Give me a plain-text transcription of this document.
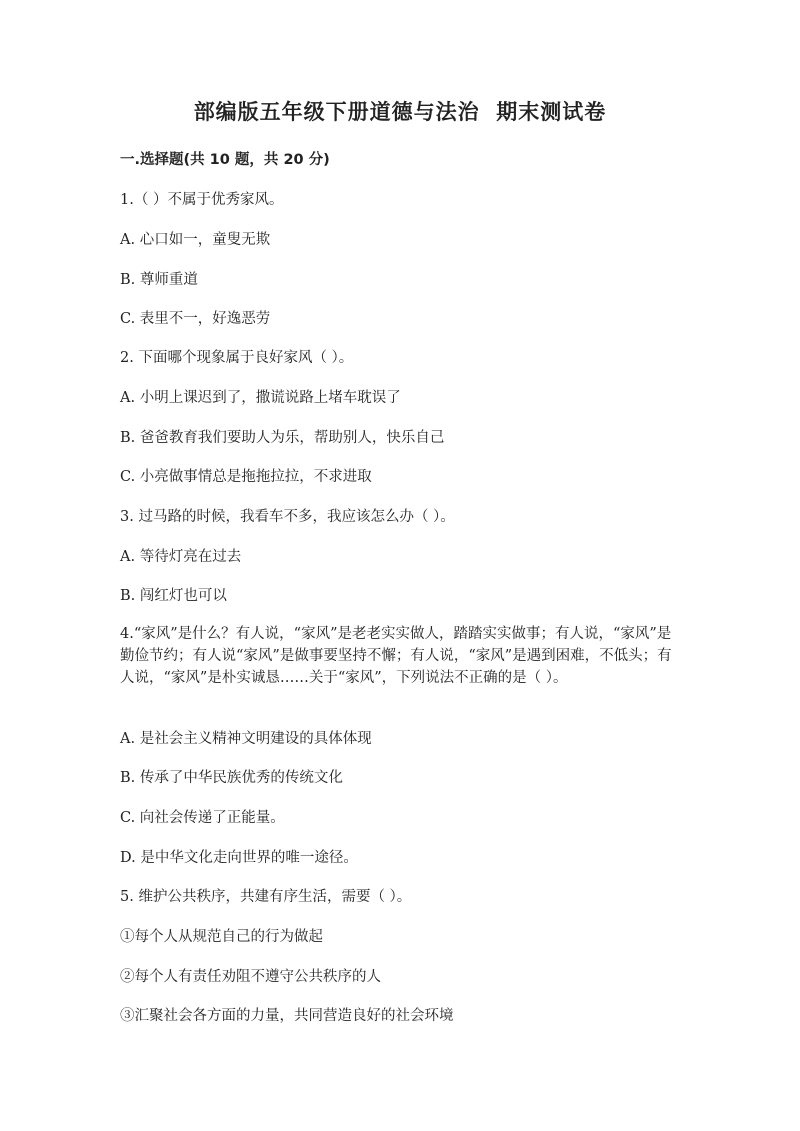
部编版五年级下册道德与法治  期末测试卷
一.选择题(共 10 题，共 20 分)
1.（ ）不属于优秀家风。
A. 心口如一，童叟无欺
B. 尊师重道
C. 表里不一，好逸恶劳
2. 下面哪个现象属于良好家风（ ）。
A. 小明上课迟到了，撒谎说路上堵车耽误了
B. 爸爸教育我们要助人为乐，帮助别人，快乐自己
C. 小亮做事情总是拖拖拉拉，不求进取
3. 过马路的时候，我看车不多，我应该怎么办（ ）。
A. 等待灯亮在过去
B. 闯红灯也可以
4.“家风”是什么？有人说，“家风”是老老实实做人，踏踏实实做事；有人说，“家风”是勤俭节约；有人说“家风”是做事要坚持不懈；有人说，“家风”是遇到困难，不低头；有人说，“家风”是朴实诚恳……关于“家风”，下列说法不正确的是（ ）。
A. 是社会主义精神文明建设的具体体现
B. 传承了中华民族优秀的传统文化
C. 向社会传递了正能量。
D. 是中华文化走向世界的唯一途径。
5. 维护公共秩序，共建有序生活，需要（ ）。
①每个人从规范自己的行为做起
②每个人有责任劝阻不遵守公共秩序的人
③汇聚社会各方面的力量，共同营造良好的社会环境
